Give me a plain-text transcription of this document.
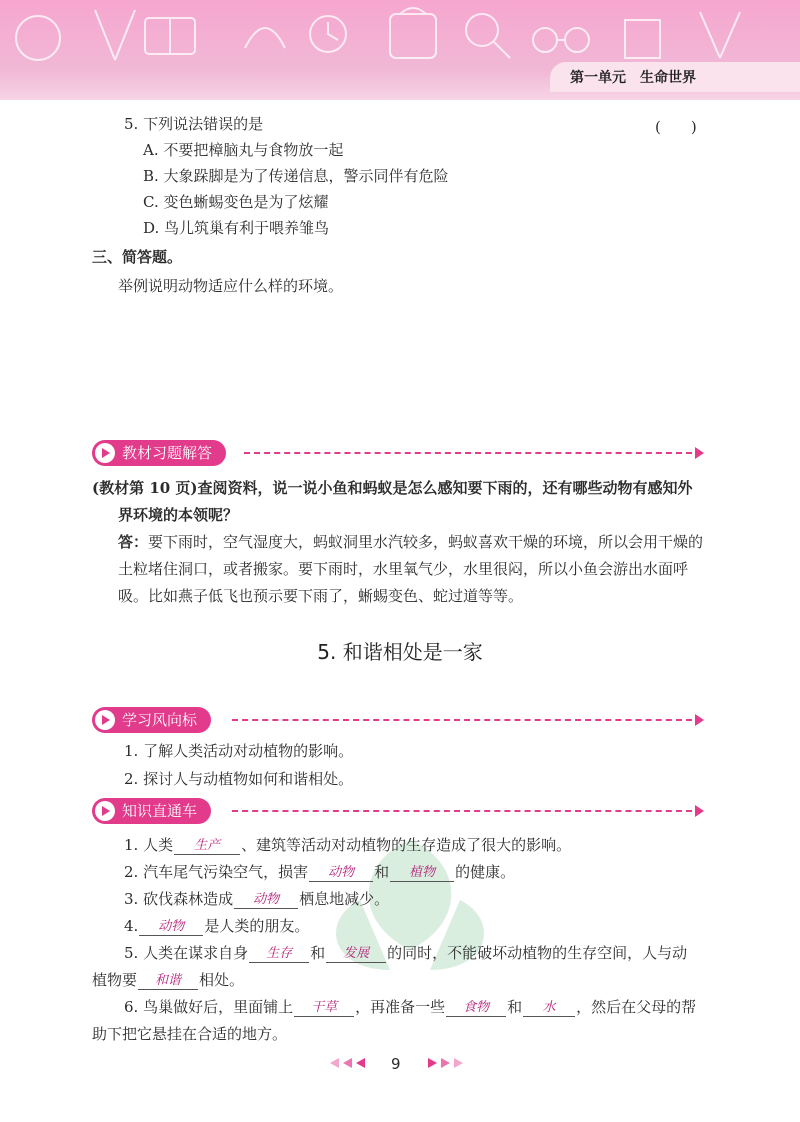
第一单元　生命世界
5. 下列说法错误的是	(　　)
A. 不要把樟脑丸与食物放一起
B. 大象跺脚是为了传递信息，警示同伴有危险
C. 变色蜥蜴变色是为了炫耀
D. 鸟儿筑巢有利于喂养雏鸟
三、简答题。
举例说明动物适应什么样的环境。
教材习题解答
(教材第 10 页)查阅资料，说一说小鱼和蚂蚁是怎么感知要下雨的，还有哪些动物有感知外
界环境的本领呢？
答：要下雨时，空气湿度大，蚂蚁洞里水汽较多，蚂蚁喜欢干燥的环境，所以会用干燥的
土粒堵住洞口，或者搬家。要下雨时，水里氧气少，水里很闷，所以小鱼会游出水面呼
吸。比如燕子低飞也预示要下雨了，蜥蜴变色、蛇过道等等。
5. 和谐相处是一家
学习风向标
1. 了解人类活动对动植物的影响。
2. 探讨人与动植物如何和谐相处。
知识直通车
1. 人类 生产 、建筑等活动对动植物的生存造成了很大的影响。
2. 汽车尾气污染空气，损害 动物 和 植物 的健康。
3. 砍伐森林造成 动物 栖息地减少。
4. 动物 是人类的朋友。
5. 人类在谋求自身 生存 和 发展 的同时，不能破坏动植物的生存空间，人与动
植物要 和谐 相处。
6. 鸟巢做好后，里面铺上 干草 ，再准备一些 食物 和 水 ，然后在父母的帮
助下把它悬挂在合适的地方。
9
